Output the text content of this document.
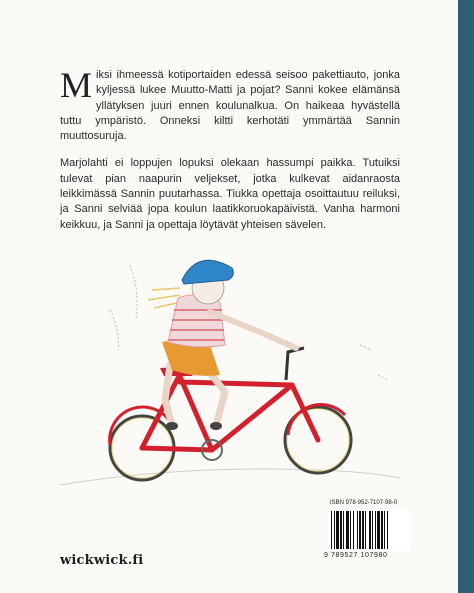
Miksi ihmeessä kotiportaiden edessä seisoo pakettiauto, jonka kyljessä lukee Muutto-Matti ja pojat? Sanni kokee elämänsä yllätyksen juuri ennen koulunalkua. On haikeaa hyvästellä tuttu ympäristö. Onneksi kiltti kerhotäti ymmärtää Sannin muuttosuruja.

Marjolahti ei loppujen lopuksi olekaan hassumpi paikka. Tutuiksi tulevat pian naapurin veljekset, jotka kulkevat aidanraosta leikkimässä Sannin puutarhassa. Tiukka opettaja osoittautuu reiluksi, ja Sanni selviää jopa koulun laatikkoruokapäivistä. Vanha harmoni keikkuu, ja Sanni ja opettaja löytävät yhteisen sävelen.

wickwick.fi
ISBN 978-952-7107-98-0
9 789527 107980
